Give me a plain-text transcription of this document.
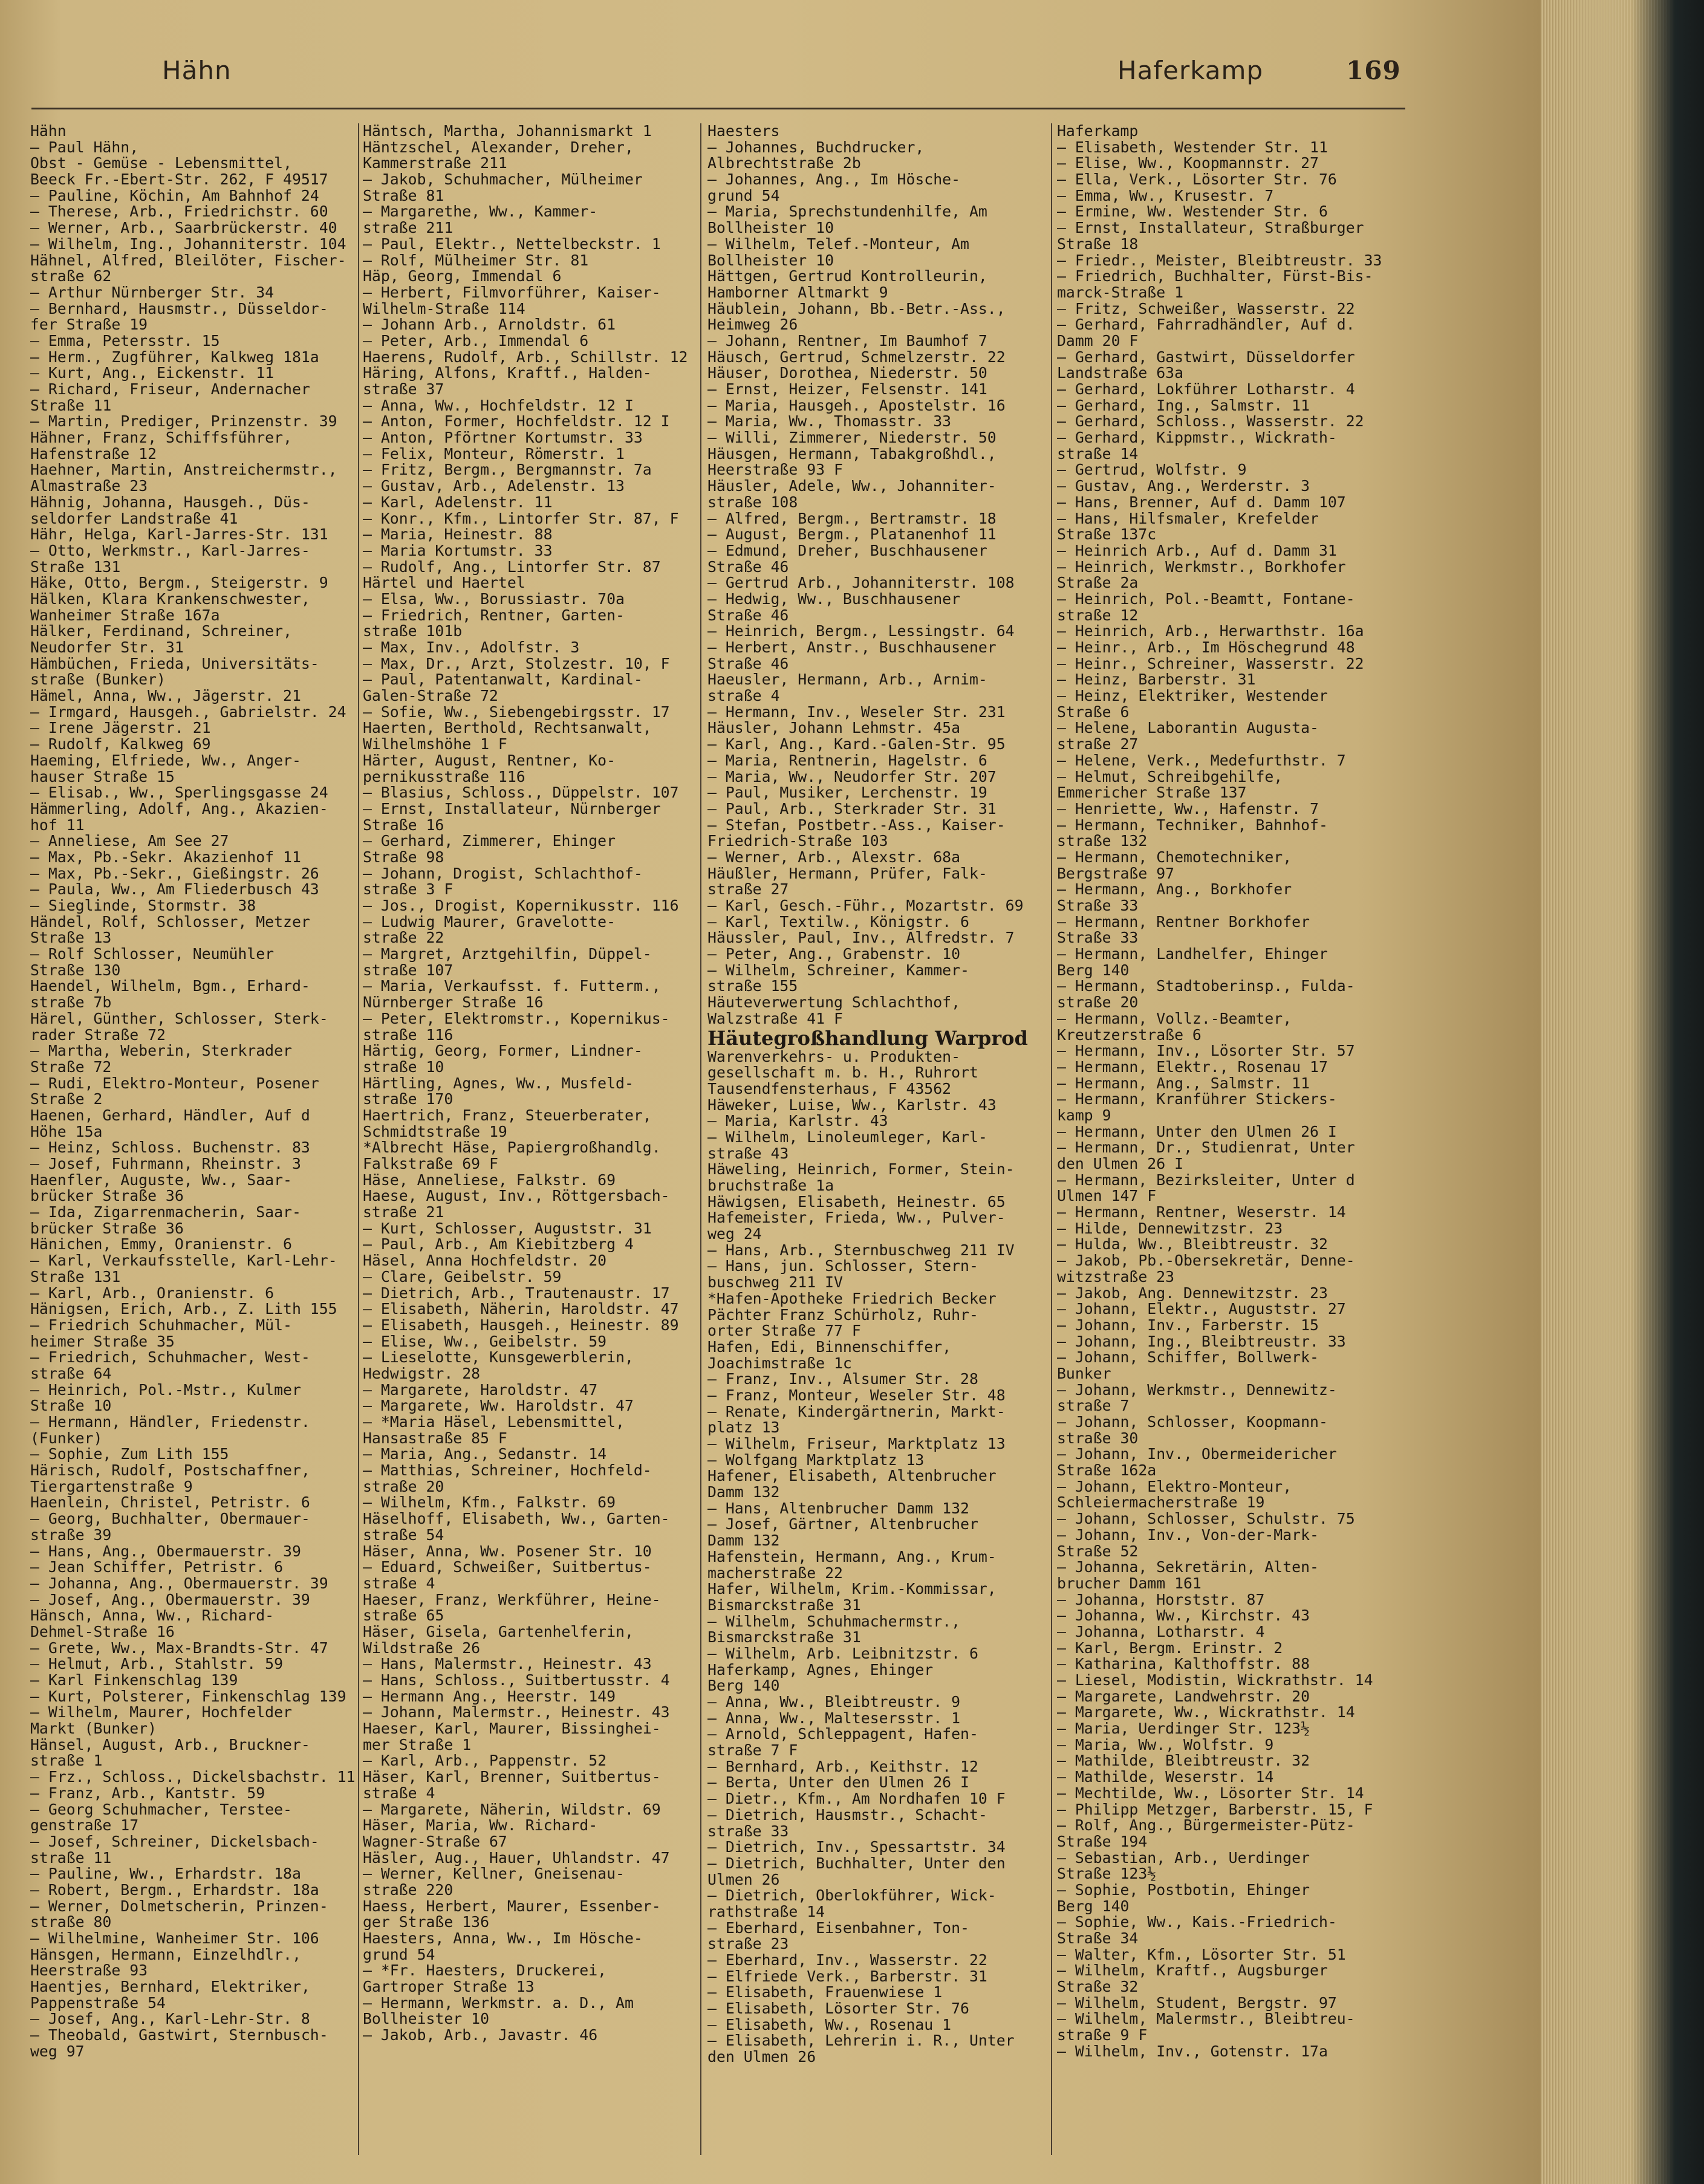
Hähn	Haferkamp	169
Hähn
— Paul Hähn,
Obst - Gemüse - Lebensmittel,
Beeck Fr.-Ebert-Str. 262, F 49517
— Pauline, Köchin, Am Bahnhof 24
— Therese, Arb., Friedrichstr. 60
— Werner, Arb., Saarbrückerstr. 40
— Wilhelm, Ing., Johanniterstr. 104
Hähnel, Alfred, Bleilöter, Fischer-
straße 62
— Arthur Nürnberger Str. 34
— Bernhard, Hausmstr., Düsseldor-
fer Straße 19
— Emma, Petersstr. 15
— Herm., Zugführer, Kalkweg 181a
— Kurt, Ang., Eickenstr. 11
— Richard, Friseur, Andernacher
Straße 11
— Martin, Prediger, Prinzenstr. 39
Hähner, Franz, Schiffsführer,
Hafenstraße 12
Haehner, Martin, Anstreichermstr.,
Almastraße 23
Hähnig, Johanna, Hausgeh., Düs-
seldorfer Landstraße 41
Hähr, Helga, Karl-Jarres-Str. 131
— Otto, Werkmstr., Karl-Jarres-
Straße 131
Häke, Otto, Bergm., Steigerstr. 9
Hälken, Klara Krankenschwester,
Wanheimer Straße 167a
Hälker, Ferdinand, Schreiner,
Neudorfer Str. 31
Hämbüchen, Frieda, Universitäts-
straße (Bunker)
Hämel, Anna, Ww., Jägerstr. 21
— Irmgard, Hausgeh., Gabrielstr. 24
— Irene Jägerstr. 21
— Rudolf, Kalkweg 69
Haeming, Elfriede, Ww., Anger-
hauser Straße 15
— Elisab., Ww., Sperlingsgasse 24
Hämmerling, Adolf, Ang., Akazien-
hof 11
— Anneliese, Am See 27
— Max, Pb.-Sekr. Akazienhof 11
— Max, Pb.-Sekr., Gießingstr. 26
— Paula, Ww., Am Fliederbusch 43
— Sieglinde, Stormstr. 38
Händel, Rolf, Schlosser, Metzer
Straße 13
— Rolf Schlosser, Neumühler
Straße 130
Haendel, Wilhelm, Bgm., Erhard-
straße 7b
Härel, Günther, Schlosser, Sterk-
rader Straße 72
— Martha, Weberin, Sterkrader
Straße 72
— Rudi, Elektro-Monteur, Posener
Straße 2
Haenen, Gerhard, Händler, Auf d
Höhe 15a
— Heinz, Schloss. Buchenstr. 83
— Josef, Fuhrmann, Rheinstr. 3
Haenfler, Auguste, Ww., Saar-
brücker Straße 36
— Ida, Zigarrenmacherin, Saar-
brücker Straße 36
Hänichen, Emmy, Oranienstr. 6
— Karl, Verkaufsstelle, Karl-Lehr-
Straße 131
— Karl, Arb., Oranienstr. 6
Hänigsen, Erich, Arb., Z. Lith 155
— Friedrich Schuhmacher, Mül-
heimer Straße 35
— Friedrich, Schuhmacher, West-
straße 64
— Heinrich, Pol.-Mstr., Kulmer
Straße 10
— Hermann, Händler, Friedenstr.
(Funker)
— Sophie, Zum Lith 155
Härisch, Rudolf, Postschaffner,
Tiergartenstraße 9
Haenlein, Christel, Petristr. 6
— Georg, Buchhalter, Obermauer-
straße 39
— Hans, Ang., Obermauerstr. 39
— Jean Schiffer, Petristr. 6
— Johanna, Ang., Obermauerstr. 39
— Josef, Ang., Obermauerstr. 39
Hänsch, Anna, Ww., Richard-
Dehmel-Straße 16
— Grete, Ww., Max-Brandts-Str. 47
— Helmut, Arb., Stahlstr. 59
— Karl Finkenschlag 139
— Kurt, Polsterer, Finkenschlag 139
— Wilhelm, Maurer, Hochfelder
Markt (Bunker)
Hänsel, August, Arb., Bruckner-
straße 1
— Frz., Schloss., Dickelsbachstr. 11
— Franz, Arb., Kantstr. 59
— Georg Schuhmacher, Terstee-
genstraße 17
— Josef, Schreiner, Dickelsbach-
straße 11
— Pauline, Ww., Erhardstr. 18a
— Robert, Bergm., Erhardstr. 18a
— Werner, Dolmetscherin, Prinzen-
straße 80
— Wilhelmine, Wanheimer Str. 106
Hänsgen, Hermann, Einzelhdlr.,
Heerstraße 93
Haentjes, Bernhard, Elektriker,
Pappenstraße 54
— Josef, Ang., Karl-Lehr-Str. 8
— Theobald, Gastwirt, Sternbusch-
weg 97
Häntsch, Martha, Johannismarkt 1
Häntzschel, Alexander, Dreher,
Kammerstraße 211
— Jakob, Schuhmacher, Mülheimer
Straße 81
— Margarethe, Ww., Kammer-
straße 211
— Paul, Elektr., Nettelbeckstr. 1
— Rolf, Mülheimer Str. 81
Häp, Georg, Immendal 6
— Herbert, Filmvorführer, Kaiser-
Wilhelm-Straße 114
— Johann Arb., Arnoldstr. 61
— Peter, Arb., Immendal 6
Haerens, Rudolf, Arb., Schillstr. 12
Häring, Alfons, Kraftf., Halden-
straße 37
— Anna, Ww., Hochfeldstr. 12 I
— Anton, Former, Hochfeldstr. 12 I
— Anton, Pförtner Kortumstr. 33
— Felix, Monteur, Römerstr. 1
— Fritz, Bergm., Bergmannstr. 7a
— Gustav, Arb., Adelenstr. 13
— Karl, Adelenstr. 11
— Konr., Kfm., Lintorfer Str. 87, F
— Maria, Heinestr. 88
— Maria Kortumstr. 33
— Rudolf, Ang., Lintorfer Str. 87
Härtel und Haertel
— Elsa, Ww., Borussiastr. 70a
— Friedrich, Rentner, Garten-
straße 101b
— Max, Inv., Adolfstr. 3
— Max, Dr., Arzt, Stolzestr. 10, F
— Paul, Patentanwalt, Kardinal-
Galen-Straße 72
— Sofie, Ww., Siebengebirgsstr. 17
Haerten, Berthold, Rechtsanwalt,
Wilhelmshöhe 1 F
Härter, August, Rentner, Ko-
pernikusstraße 116
— Blasius, Schloss., Düppelstr. 107
— Ernst, Installateur, Nürnberger
Straße 16
— Gerhard, Zimmerer, Ehinger
Straße 98
— Johann, Drogist, Schlachthof-
straße 3 F
— Jos., Drogist, Kopernikusstr. 116
— Ludwig Maurer, Gravelotte-
straße 22
— Margret, Arztgehilfin, Düppel-
straße 107
— Maria, Verkaufsst. f. Futterm.,
Nürnberger Straße 16
— Peter, Elektromstr., Kopernikus-
straße 116
Härtig, Georg, Former, Lindner-
straße 10
Härtling, Agnes, Ww., Musfeld-
straße 170
Haertrich, Franz, Steuerberater,
Schmidtstraße 19
*Albrecht Häse, Papiergroßhandlg.
Falkstraße 69 F
Häse, Anneliese, Falkstr. 69
Haese, August, Inv., Röttgersbach-
straße 21
— Kurt, Schlosser, Auguststr. 31
— Paul, Arb., Am Kiebitzberg 4
Häsel, Anna Hochfeldstr. 20
— Clare, Geibelstr. 59
— Dietrich, Arb., Trautenaustr. 17
— Elisabeth, Näherin, Haroldstr. 47
— Elisabeth, Hausgeh., Heinestr. 89
— Elise, Ww., Geibelstr. 59
— Lieselotte, Kunsgewerblerin,
Hedwigstr. 28
— Margarete, Haroldstr. 47
— Margarete, Ww. Haroldstr. 47
— *Maria Häsel, Lebensmittel,
Hansastraße 85 F
— Maria, Ang., Sedanstr. 14
— Matthias, Schreiner, Hochfeld-
straße 20
— Wilhelm, Kfm., Falkstr. 69
Häselhoff, Elisabeth, Ww., Garten-
straße 54
Häser, Anna, Ww. Posener Str. 10
— Eduard, Schweißer, Suitbertus-
straße 4
Haeser, Franz, Werkführer, Heine-
straße 65
Häser, Gisela, Gartenhelferin,
Wildstraße 26
— Hans, Malermstr., Heinestr. 43
— Hans, Schloss., Suitbertusstr. 4
— Hermann Ang., Heerstr. 149
— Johann, Malermstr., Heinestr. 43
Haeser, Karl, Maurer, Bissinghei-
mer Straße 1
— Karl, Arb., Pappenstr. 52
Häser, Karl, Brenner, Suitbertus-
straße 4
— Margarete, Näherin, Wildstr. 69
Häser, Maria, Ww. Richard-
Wagner-Straße 67
Häsler, Aug., Hauer, Uhlandstr. 47
— Werner, Kellner, Gneisenau-
straße 220
Haess, Herbert, Maurer, Essenber-
ger Straße 136
Haesters, Anna, Ww., Im Hösche-
grund 54
— *Fr. Haesters, Druckerei,
Gartroper Straße 13
— Hermann, Werkmstr. a. D., Am
Bollheister 10
— Jakob, Arb., Javastr. 46
Haesters
— Johannes, Buchdrucker,
Albrechtstraße 2b
— Johannes, Ang., Im Hösche-
grund 54
— Maria, Sprechstundenhilfe, Am
Bollheister 10
— Wilhelm, Telef.-Monteur, Am
Bollheister 10
Hättgen, Gertrud Kontrolleurin,
Hamborner Altmarkt 9
Häublein, Johann, Bb.-Betr.-Ass.,
Heimweg 26
— Johann, Rentner, Im Baumhof 7
Häusch, Gertrud, Schmelzerstr. 22
Häuser, Dorothea, Niederstr. 50
— Ernst, Heizer, Felsenstr. 141
— Maria, Hausgeh., Apostelstr. 16
— Maria, Ww., Thomasstr. 33
— Willi, Zimmerer, Niederstr. 50
Häusgen, Hermann, Tabakgroßhdl.,
Heerstraße 93 F
Häusler, Adele, Ww., Johanniter-
straße 108
— Alfred, Bergm., Bertramstr. 18
— August, Bergm., Platanenhof 11
— Edmund, Dreher, Buschhausener
Straße 46
— Gertrud Arb., Johanniterstr. 108
— Hedwig, Ww., Buschhausener
Straße 46
— Heinrich, Bergm., Lessingstr. 64
— Herbert, Anstr., Buschhausener
Straße 46
Haeusler, Hermann, Arb., Arnim-
straße 4
— Hermann, Inv., Weseler Str. 231
Häusler, Johann Lehmstr. 45a
— Karl, Ang., Kard.-Galen-Str. 95
— Maria, Rentnerin, Hagelstr. 6
— Maria, Ww., Neudorfer Str. 207
— Paul, Musiker, Lerchenstr. 19
— Paul, Arb., Sterkrader Str. 31
— Stefan, Postbetr.-Ass., Kaiser-
Friedrich-Straße 103
— Werner, Arb., Alexstr. 68a
Häußler, Hermann, Prüfer, Falk-
straße 27
— Karl, Gesch.-Führ., Mozartstr. 69
— Karl, Textilw., Königstr. 6
Häussler, Paul, Inv., Alfredstr. 7
— Peter, Ang., Grabenstr. 10
— Wilhelm, Schreiner, Kammer-
straße 155
Häuteverwertung Schlachthof,
Walzstraße 41 F
Häutegroßhandlung Warprod
Warenverkehrs- u. Produkten-
gesellschaft m. b. H., Ruhrort
Tausendfensterhaus, F 43562
Häweker, Luise, Ww., Karlstr. 43
— Maria, Karlstr. 43
— Wilhelm, Linoleumleger, Karl-
straße 43
Häweling, Heinrich, Former, Stein-
bruchstraße 1a
Häwigsen, Elisabeth, Heinestr. 65
Hafemeister, Frieda, Ww., Pulver-
weg 24
— Hans, Arb., Sternbuschweg 211 IV
— Hans, jun. Schlosser, Stern-
buschweg 211 IV
*Hafen-Apotheke Friedrich Becker
Pächter Franz Schürholz, Ruhr-
orter Straße 77 F
Hafen, Edi, Binnenschiffer,
Joachimstraße 1c
— Franz, Inv., Alsumer Str. 28
— Franz, Monteur, Weseler Str. 48
— Renate, Kindergärtnerin, Markt-
platz 13
— Wilhelm, Friseur, Marktplatz 13
— Wolfgang Marktplatz 13
Hafener, Elisabeth, Altenbrucher
Damm 132
— Hans, Altenbrucher Damm 132
— Josef, Gärtner, Altenbrucher
Damm 132
Hafenstein, Hermann, Ang., Krum-
macherstraße 22
Hafer, Wilhelm, Krim.-Kommissar,
Bismarckstraße 31
— Wilhelm, Schuhmachermstr.,
Bismarckstraße 31
— Wilhelm, Arb. Leibnitzstr. 6
Haferkamp, Agnes, Ehinger
Berg 140
— Anna, Ww., Bleibtreustr. 9
— Anna, Ww., Maltesersstr. 1
— Arnold, Schleppagent, Hafen-
straße 7 F
— Bernhard, Arb., Keithstr. 12
— Berta, Unter den Ulmen 26 I
— Dietr., Kfm., Am Nordhafen 10 F
— Dietrich, Hausmstr., Schacht-
straße 33
— Dietrich, Inv., Spessartstr. 34
— Dietrich, Buchhalter, Unter den
Ulmen 26
— Dietrich, Oberlokführer, Wick-
rathstraße 14
— Eberhard, Eisenbahner, Ton-
straße 23
— Eberhard, Inv., Wasserstr. 22
— Elfriede Verk., Barberstr. 31
— Elisabeth, Frauenwiese 1
— Elisabeth, Lösorter Str. 76
— Elisabeth, Ww., Rosenau 1
— Elisabeth, Lehrerin i. R., Unter
den Ulmen 26
Haferkamp
— Elisabeth, Westender Str. 11
— Elise, Ww., Koopmannstr. 27
— Ella, Verk., Lösorter Str. 76
— Emma, Ww., Krusestr. 7
— Ermine, Ww. Westender Str. 6
— Ernst, Installateur, Straßburger
Straße 18
— Friedr., Meister, Bleibtreustr. 33
— Friedrich, Buchhalter, Fürst-Bis-
marck-Straße 1
— Fritz, Schweißer, Wasserstr. 22
— Gerhard, Fahrradhändler, Auf d.
Damm 20 F
— Gerhard, Gastwirt, Düsseldorfer
Landstraße 63a
— Gerhard, Lokführer Lotharstr. 4
— Gerhard, Ing., Salmstr. 11
— Gerhard, Schloss., Wasserstr. 22
— Gerhard, Kippmstr., Wickrath-
straße 14
— Gertrud, Wolfstr. 9
— Gustav, Ang., Werderstr. 3
— Hans, Brenner, Auf d. Damm 107
— Hans, Hilfsmaler, Krefelder
Straße 137c
— Heinrich Arb., Auf d. Damm 31
— Heinrich, Werkmstr., Borkhofer
Straße 2a
— Heinrich, Pol.-Beamtt, Fontane-
straße 12
— Heinrich, Arb., Herwarthstr. 16a
— Heinr., Arb., Im Höschegrund 48
— Heinr., Schreiner, Wasserstr. 22
— Heinz, Barberstr. 31
— Heinz, Elektriker, Westender
Straße 6
— Helene, Laborantin Augusta-
straße 27
— Helene, Verk., Medefurthstr. 7
— Helmut, Schreibgehilfe,
Emmericher Straße 137
— Henriette, Ww., Hafenstr. 7
— Hermann, Techniker, Bahnhof-
straße 132
— Hermann, Chemotechniker,
Bergstraße 97
— Hermann, Ang., Borkhofer
Straße 33
— Hermann, Rentner Borkhofer
Straße 33
— Hermann, Landhelfer, Ehinger
Berg 140
— Hermann, Stadtoberinsp., Fulda-
straße 20
— Hermann, Vollz.-Beamter,
Kreutzerstraße 6
— Hermann, Inv., Lösorter Str. 57
— Hermann, Elektr., Rosenau 17
— Hermann, Ang., Salmstr. 11
— Hermann, Kranführer Stickers-
kamp 9
— Hermann, Unter den Ulmen 26 I
— Hermann, Dr., Studienrat, Unter
den Ulmen 26 I
— Hermann, Bezirksleiter, Unter d
Ulmen 147 F
— Hermann, Rentner, Weserstr. 14
— Hilde, Dennewitzstr. 23
— Hulda, Ww., Bleibtreustr. 32
— Jakob, Pb.-Obersekretär, Denne-
witzstraße 23
— Jakob, Ang. Dennewitzstr. 23
— Johann, Elektr., Auguststr. 27
— Johann, Inv., Farberstr. 15
— Johann, Ing., Bleibtreustr. 33
— Johann, Schiffer, Bollwerk-
Bunker
— Johann, Werkmstr., Dennewitz-
straße 7
— Johann, Schlosser, Koopmann-
straße 30
— Johann, Inv., Obermeidericher
Straße 162a
— Johann, Elektro-Monteur,
Schleiermacherstraße 19
— Johann, Schlosser, Schulstr. 75
— Johann, Inv., Von-der-Mark-
Straße 52
— Johanna, Sekretärin, Alten-
brucher Damm 161
— Johanna, Horststr. 87
— Johanna, Ww., Kirchstr. 43
— Johanna, Lotharstr. 4
— Karl, Bergm. Erinstr. 2
— Katharina, Kalthoffstr. 88
— Liesel, Modistin, Wickrathstr. 14
— Margarete, Landwehrstr. 20
— Margarete, Ww., Wickrathstr. 14
— Maria, Uerdinger Str. 123½
— Maria, Ww., Wolfstr. 9
— Mathilde, Bleibtreustr. 32
— Mathilde, Weserstr. 14
— Mechtilde, Ww., Lösorter Str. 14
— Philipp Metzger, Barberstr. 15, F
— Rolf, Ang., Bürgermeister-Pütz-
Straße 194
— Sebastian, Arb., Uerdinger
Straße 123½
— Sophie, Postbotin, Ehinger
Berg 140
— Sophie, Ww., Kais.-Friedrich-
Straße 34
— Walter, Kfm., Lösorter Str. 51
— Wilhelm, Kraftf., Augsburger
Straße 32
— Wilhelm, Student, Bergstr. 97
— Wilhelm, Malermstr., Bleibtreu-
straße 9 F
— Wilhelm, Inv., Gotenstr. 17a
